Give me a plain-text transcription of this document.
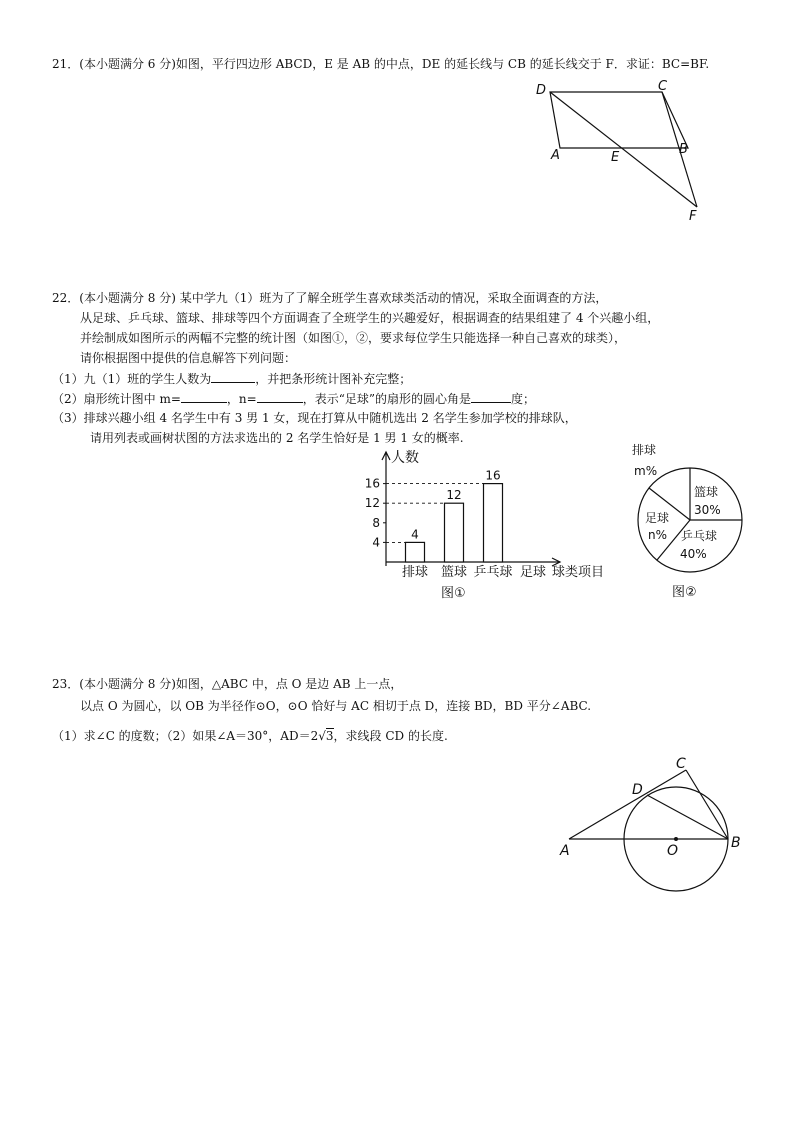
21．(本小题满分 6 分)如图，平行四边形 ABCD，E 是 AB 的中点，DE 的延长线与 CB 的延长线交于 F．求证：BC=BF.
D	C
A	E
B
F
22．(本小题满分 8 分) 某中学九（1）班为了了解全班学生喜欢球类活动的情况，采取全面调查的方法，
从足球、乒乓球、篮球、排球等四个方面调查了全班学生的兴趣爱好，根据调查的结果组建了 4 个兴趣小组，
并绘制成如图所示的两幅不完整的统计图（如图①，②，要求每位学生只能选择一种自己喜欢的球类），
请你根据图中提供的信息解答下列问题：
（1）九（1）班的学生人数为	，并把条形统计图补充完整；
（2）扇形统计图中 m=	，n=	，表示“足球”的扇形的圆心角是	度；
（3）排球兴趣小组 4 名学生中有 3 男 1 女，现在打算从中随机选出 2 名学生参加学校的排球队，
请用列表或画树状图的方法求选出的 2 名学生恰好是 1 男 1 女的概率.
4
8
12
16
4
12
16
排球 篮球 乒乓球 足球
人数
球类项目
图①
排球
m%
篮球
30%
乒乓球
40%
足球
n%
图②
23．(本小题满分 8 分)如图，△ABC 中，点 O 是边 AB 上一点，
以点 O 为圆心，以 OB 为半径作⊙O，⊙O 恰好与 AC 相切于点 D，连接 BD，BD 平分∠ABC.
（1）求∠C 的度数；（2）如果∠A＝30°，AD＝2√3，求线段 CD 的长度.
C
D
A	O	B
